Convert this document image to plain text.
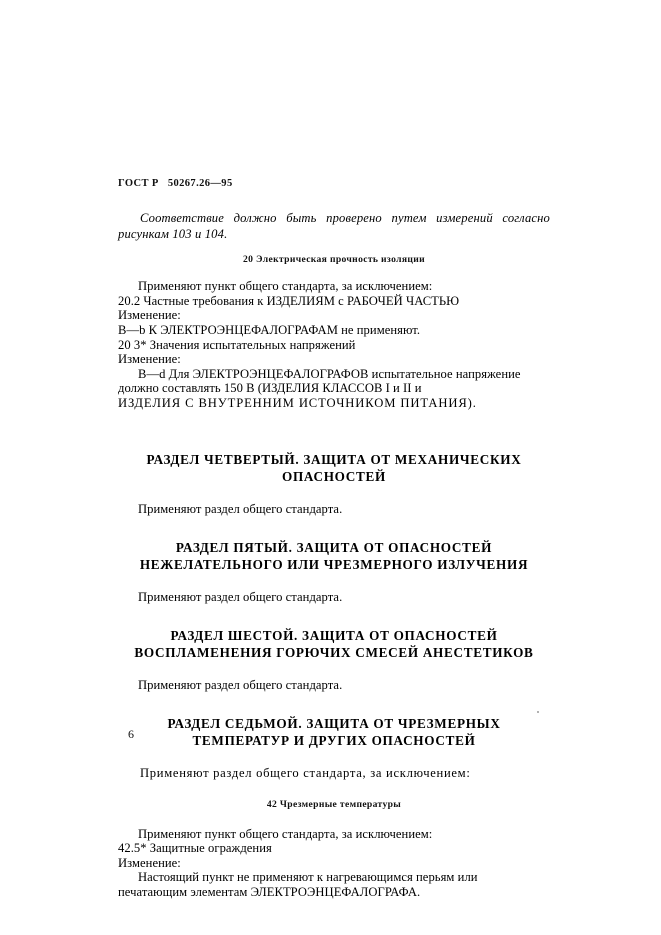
ГОСТ Р   50267.26—95

Соответствие должно быть проверено путем измерений согласно рисункам 103 и 104.

20 Электрическая прочность изоляции
Применяют пункт общего стандарта, за исключением:
20.2 Частные требования к ИЗДЕЛИЯМ с РАБОЧЕЙ ЧАСТЬЮ
Изменение:
В—b К ЭЛЕКТРОЭНЦЕФАЛОГРАФАМ не применяют.
20 3* Значения испытательных напряжений
Изменение:
В—d Для ЭЛЕКТРОЭНЦЕФАЛОГРАФОВ испытательное напряжение должно составлять 150 В (ИЗДЕЛИЯ КЛАССОВ I и II и
ИЗДЕЛИЯ С ВНУТРЕННИМ ИСТОЧНИКОМ ПИТАНИЯ).
РАЗДЕЛ ЧЕТВЕРТЫЙ. ЗАЩИТА ОТ МЕХАНИЧЕСКИХ
ОПАСНОСТЕЙ

Применяют раздел общего стандарта.

РАЗДЕЛ ПЯТЫЙ. ЗАЩИТА ОТ ОПАСНОСТЕЙ
НЕЖЕЛАТЕЛЬНОГО ИЛИ ЧРЕЗМЕРНОГО ИЗЛУЧЕНИЯ

Применяют раздел общего стандарта.

РАЗДЕЛ ШЕСТОЙ. ЗАЩИТА ОТ ОПАСНОСТЕЙ
ВОСПЛАМЕНЕНИЯ ГОРЮЧИХ СМЕСЕЙ АНЕСТЕТИКОВ

Применяют раздел общего стандарта.

РАЗДЕЛ СЕДЬМОЙ. ЗАЩИТА ОТ ЧРЕЗМЕРНЫХ
ТЕМПЕРАТУР И ДРУГИХ ОПАСНОСТЕЙ

Применяют раздел общего стандарта, за исключением:

42 Чрезмерные температуры
Применяют пункт общего стандарта, за исключением:
42.5* Защитные ограждения
Изменение:
Настоящий пункт не применяют к нагревающимся перьям или
печатающим элементам ЭЛЕКТРОЭНЦЕФАЛОГРАФА.
6
